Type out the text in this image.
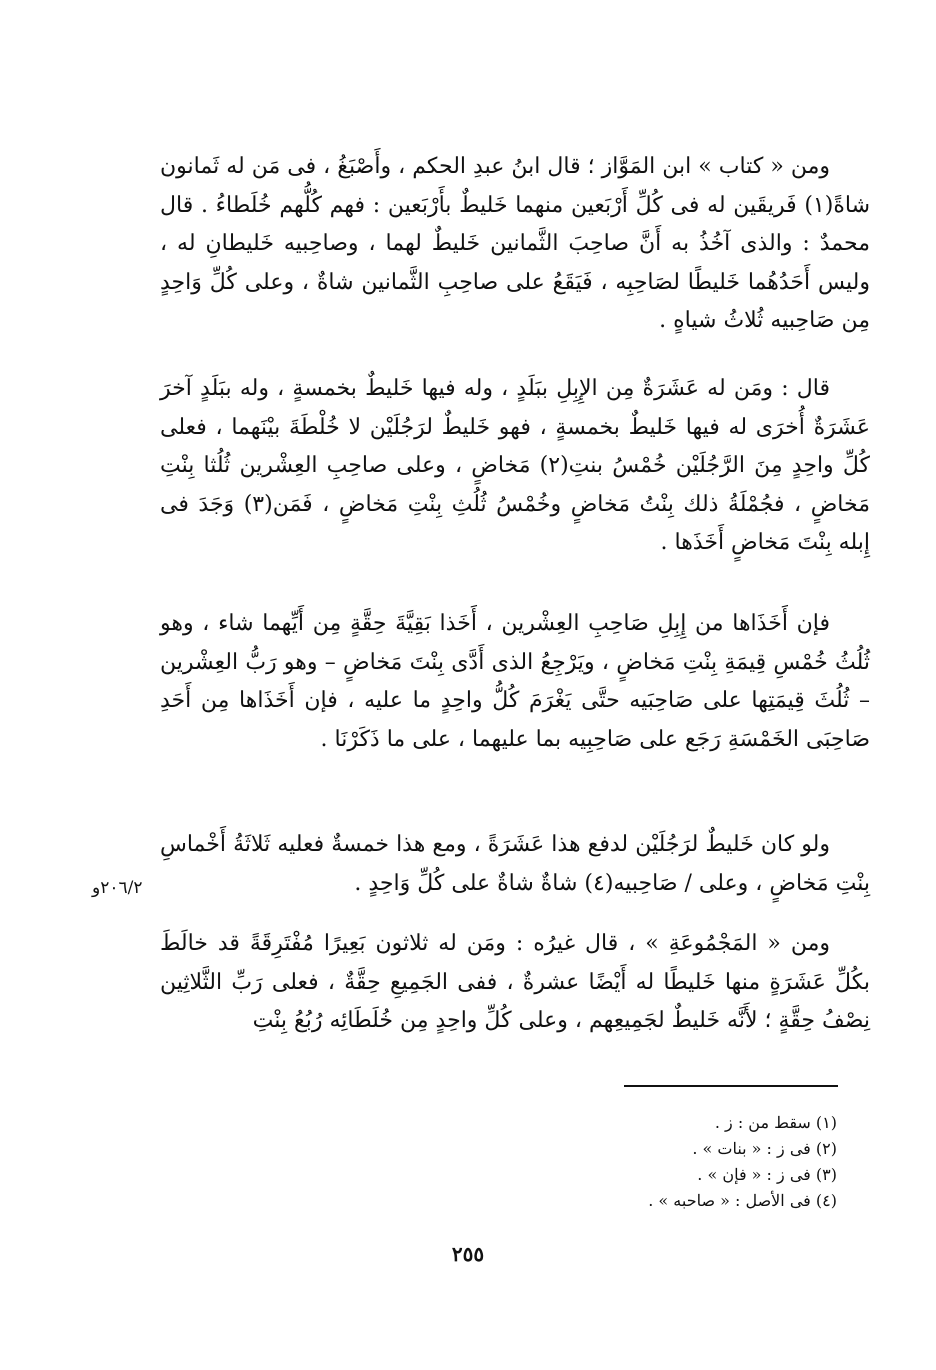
ومن « كتاب » ابن المَوَّاز ؛ قال ابنُ عبدِ الحكم ، وأَصْبَغُ ، فى مَن له ثَمانون شاةً(١) فَريقَين له فى كُلِّ أَرْبَعين منهما خَليطٌ بأَرْبَعين : فهم كُلُّهم خُلَطاءُ . قال محمدٌ : والذى آخُذُ به أَنَّ صاحِبَ الثَّمانين خَليطٌ لهما ، وصاحِبيه خَليطانِ له ، وليس أَحَدُهُما خَليطًا لصَاحِبِه ، فَيَقَعُ على صاحِبِ الثَّمانين شاةٌ ، وعلى كُلِّ وَاحِدٍ مِن صَاحِبيه ثُلاثُ شياهٍ .

قال : ومَن له عَشَرَةٌ مِن الإِبِلِ ببَلَدٍ ، وله فيها خَليطٌ بخمسةٍ ، وله ببَلَدٍ آخرَ عَشَرَةٌ أُخرَى له فيها خَليطٌ بخمسةٍ ، فهو خَليطٌ لرَجُلَيْن لا خُلْطَةَ بيْنَهما ، فعلى كُلِّ واحِدٍ مِنَ الرَّجُلَيْن خُمْسُ بنتِ(٢) مَخاضٍ ، وعلى صاحِبِ العِشْرين ثُلُثا بِنْتِ مَخاضٍ ، فجُمْلَةُ ذلك بِنْتُ مَخاضٍ وخُمْسُ ثُلُثِ بِنْتِ مَخاضٍ ، فَمَن(٣) وَجَدَ فى إِبله بِنْتَ مَخاضٍ أَخَذَها .

فإن أَخَذَاها من إِبِلِ صَاحِبِ العِشْرين ، أَخَذا بَقِيَّةَ حِقَّةٍ مِن أَيِّهما شاء ، وهو ثُلُثُ خُمْسِ قِيمَةِ بِنْتِ مَخاضٍ ، ويَرْجِعُ الذى أَدَّى بِنْتَ مَخاضٍ – وهو رَبُّ العِشْرين – ثُلُثَ قِيمَتِها على صَاحِبَيه حتَّى يَغْرَمَ كُلُّ واحِدٍ ما عليه ، فإن أَخَذَاها مِن أَحَدِ صَاحِبَى الخَمْسَةِ رَجَع على صَاحِبِيه بما عليهما ، على ما ذَكَرْنَا .

ولو كان خَليطٌ لرَجُلَيْن لدفع هذا عَشَرَةً ، ومع هذا خمسةٌ فعليه ثَلاثَةُ أَخْماسِ بِنْتِ مَخاضٍ ، وعلى / صَاحِبيه(٤) شاةٌ شاةٌ على كُلِّ وَاحِدٍ .

ومن « المَجْمُوعَةِ » ، قال غيرُه : ومَن له ثلاثون بَعِيرًا مُفْتَرِقَةً قد خالَطَ بكُلِّ عَشَرَةٍ منها خَليطًا له أَيْضًا عشرةٌ ، ففى الجَمِيعِ حِقَّةٌ ، فعلى رَبِّ الثَّلاثِين نِصْفُ حِقَّةٍ ؛ لأَنَّه خَليطٌ لجَمِيعِهم ، وعلى كُلِّ واحِدٍ مِن خُلَطَائِه رُبُعُ بِنْتِ

٢٠٦/٢و
(١) سقط من : ز .
(٢) فى ز : « بنات » .
(٣) فى ز : « فإن » .
(٤) فى الأصل : « صاحبه » .
٢٥٥
